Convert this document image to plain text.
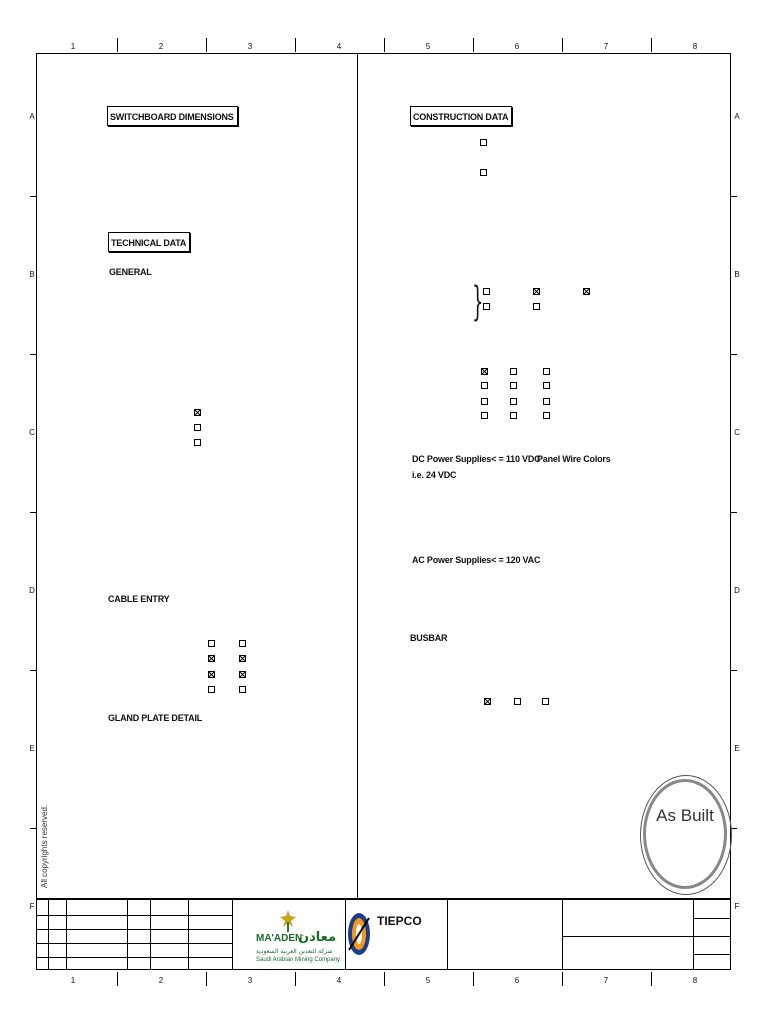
1	2	3	4	5	6	7	8
1	2	3	4	5	6	7	8
A
B
C
D
E
F
A
B
C
D
E
F
SWITCHBOARD DIMENSIONS
TECHNICAL DATA
GENERAL
CABLE ENTRY
GLAND PLATE DETAIL
CONSTRUCTION DATA
}
DC Power Supplies< = 110 VDC
Panel Wire Colors
i.e. 24 VDC
AC Power Supplies< = 120 VAC
BUSBAR
As Built
All copyrights reserved.
MA'ADEN
معادن
شركة التعدين العربية السعودية
Saudi Arabian Mining Company
TIEPCO
